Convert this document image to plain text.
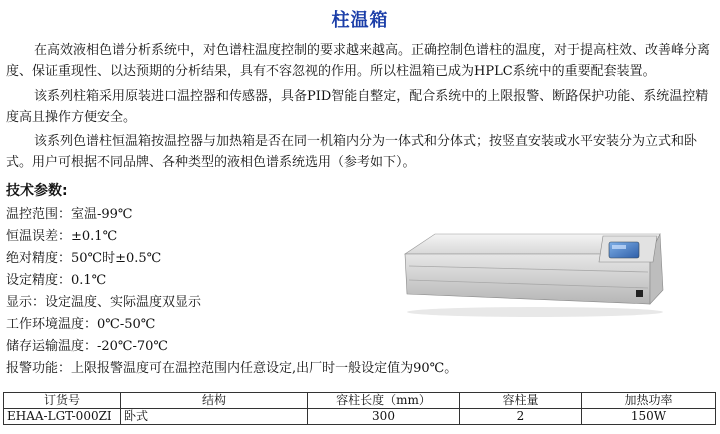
柱温箱

在高效液相色谱分析系统中，对色谱柱温度控制的要求越来越高。正确控制色谱柱的温度，对于提高柱效、改善峰分离度、保证重现性、以达预期的分析结果，具有不容忽视的作用。所以柱温箱已成为HPLC系统中的重要配套装置。

该系列柱箱采用原装进口温控器和传感器，具备PID智能自整定，配合系统中的上限报警、断路保护功能、系统温控精度高且操作方便安全。

该系列色谱柱恒温箱按温控器与加热箱是否在同一机箱内分为一体式和分体式；按竖直安装或水平安装分为立式和卧式。用户可根据不同品牌、各种类型的液相色谱系统选用（参考如下）。

技术参数:
温控范围：室温-99℃
恒温误差：±0.1℃
绝对精度：50℃时±0.5℃
设定精度：0.1℃
显示：设定温度、实际温度双显示
工作环境温度：0℃-50℃
储存运输温度：-20℃-70℃
报警功能：上限报警温度可在温控范围内任意设定,出厂时一般设定值为90℃。
订货号	结构	容柱长度（mm）	容柱量	加热功率
EHAA-LGT-000ZI	卧式	300	2	150W
